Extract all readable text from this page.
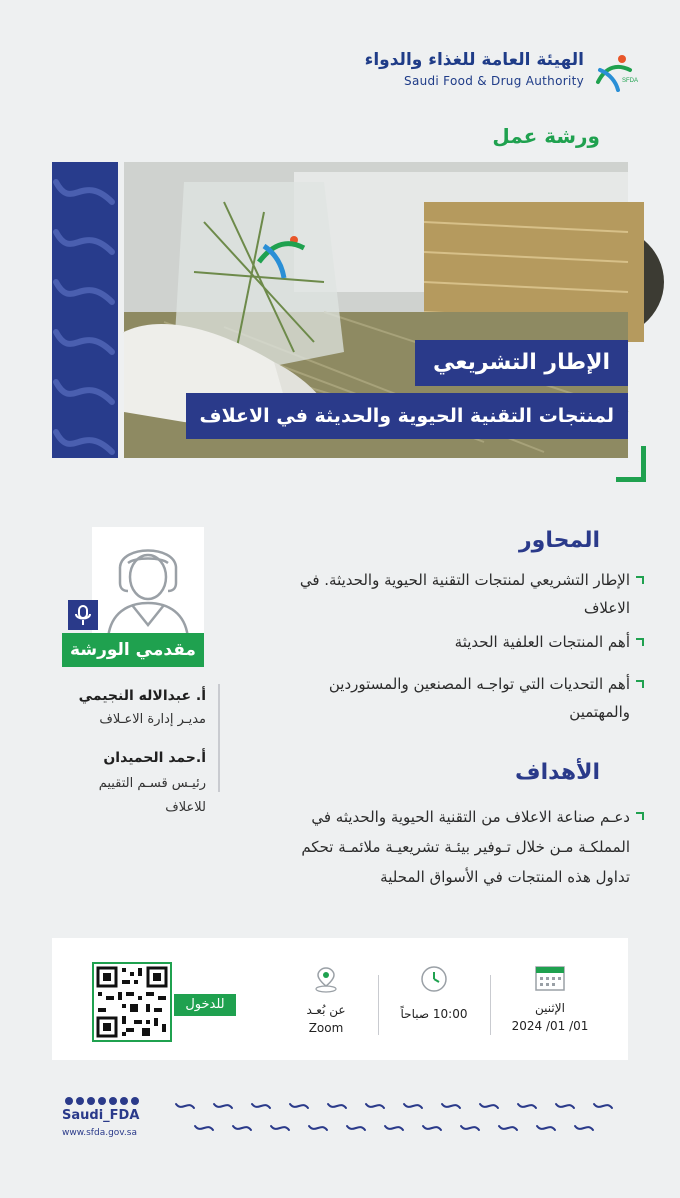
الهيئة العامة للغذاء والدواء
Saudi Food & Drug Authority	SFDA
ورشة عمل
الإطار التشريعي
لمنتجات التقنية الحيوية والحديثة في الاعلاف
المحاور
الإطار التشريعي لمنتجات التقنية الحيوية والحديثة. في الاعلاف
أهم المنتجات العلفية الحديثة
أهم التحديات التي تواجـه المصنعين والمستوردين والمهتمين
الأهداف
دعـم صناعة الاعلاف من التقنية الحيوية والحديثه في المملكـة مـن خلال تـوفير بيئـة تشريعيـة ملائمـة تحكم تداول هذه المنتجات في الأسواق المحلية
مقدمي الورشة
أ. عبدالاله النجيمي
مديـر إدارة الاعـلاف
أ.حمد الحميدان
رئيـس قسـم التقييم
للاعلاف
الإثنين
2024 /01 /01
10:00 صباحاً
عن بُعـد
Zoom
للدخول
Saudi_FDA
www.sfda.gov.sa
